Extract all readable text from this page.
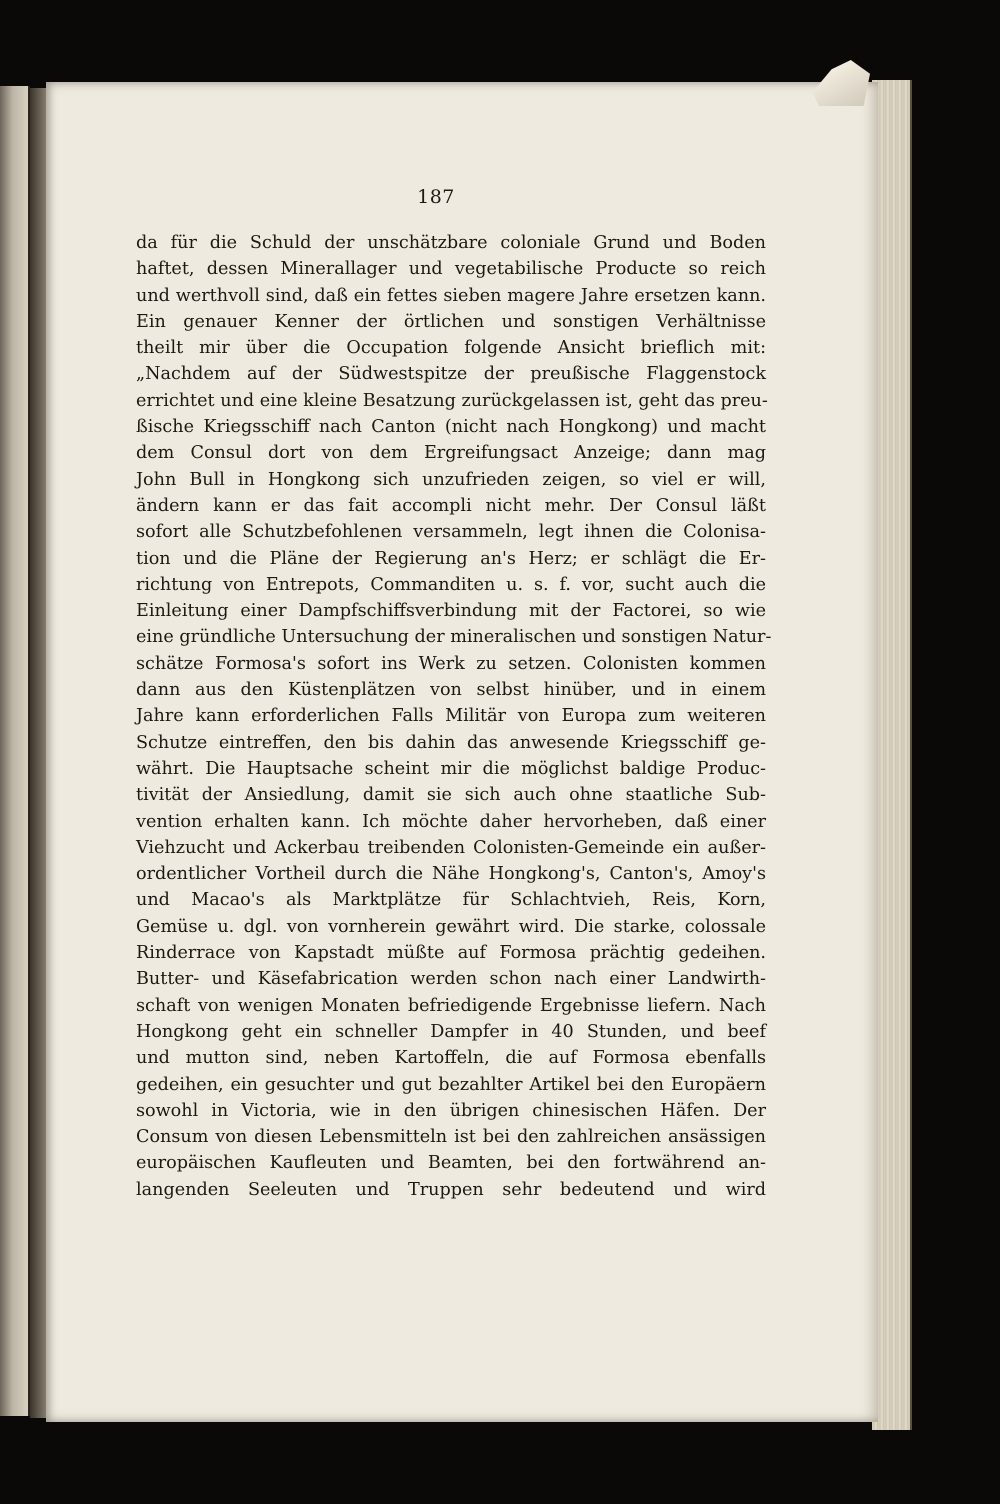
187
da für die Schuld der unschätzbare coloniale Grund und Boden
haftet, dessen Minerallager und vegetabilische Producte so reich
und werthvoll sind, daß ein fettes sieben magere Jahre ersetzen kann.
Ein genauer Kenner der örtlichen und sonstigen Verhältnisse
theilt mir über die Occupation folgende Ansicht brieflich mit:
„Nachdem auf der Südwestspitze der preußische Flaggenstock
errichtet und eine kleine Besatzung zurückgelassen ist, geht das preu-
ßische Kriegsschiff nach Canton (nicht nach Hongkong) und macht
dem Consul dort von dem Ergreifungsact Anzeige; dann mag
John Bull in Hongkong sich unzufrieden zeigen, so viel er will,
ändern kann er das fait accompli nicht mehr. Der Consul läßt
sofort alle Schutzbefohlenen versammeln, legt ihnen die Colonisa-
tion und die Pläne der Regierung an's Herz; er schlägt die Er-
richtung von Entrepots, Commanditen u. s. f. vor, sucht auch die
Einleitung einer Dampfschiffsverbindung mit der Factorei, so wie
eine gründliche Untersuchung der mineralischen und sonstigen Natur-
schätze Formosa's sofort ins Werk zu setzen. Colonisten kommen
dann aus den Küstenplätzen von selbst hinüber, und in einem
Jahre kann erforderlichen Falls Militär von Europa zum weiteren
Schutze eintreffen, den bis dahin das anwesende Kriegsschiff ge-
währt. Die Hauptsache scheint mir die möglichst baldige Produc-
tivität der Ansiedlung, damit sie sich auch ohne staatliche Sub-
vention erhalten kann. Ich möchte daher hervorheben, daß einer
Viehzucht und Ackerbau treibenden Colonisten-Gemeinde ein außer-
ordentlicher Vortheil durch die Nähe Hongkong's, Canton's, Amoy's
und Macao's als Marktplätze für Schlachtvieh, Reis, Korn,
Gemüse u. dgl. von vornherein gewährt wird. Die starke, colossale
Rinderrace von Kapstadt müßte auf Formosa prächtig gedeihen.
Butter- und Käsefabrication werden schon nach einer Landwirth-
schaft von wenigen Monaten befriedigende Ergebnisse liefern. Nach
Hongkong geht ein schneller Dampfer in 40 Stunden, und beef
und mutton sind, neben Kartoffeln, die auf Formosa ebenfalls
gedeihen, ein gesuchter und gut bezahlter Artikel bei den Europäern
sowohl in Victoria, wie in den übrigen chinesischen Häfen. Der
Consum von diesen Lebensmitteln ist bei den zahlreichen ansässigen
europäischen Kaufleuten und Beamten, bei den fortwährend an-
langenden Seeleuten und Truppen sehr bedeutend und wird
